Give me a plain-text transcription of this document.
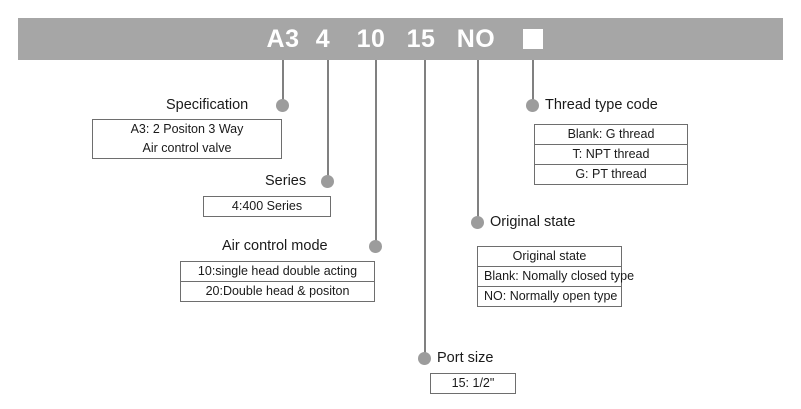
A3 4 10 15 NO
Specification
A3: 2 Positon 3 Way
Air control valve
Series
4:400 Series
Air control mode
10:single head double acting
20:Double head & positon
Port size
15: 1/2"
Original state
Original state
Blank: Nomally closed type
NO: Normally open type
Thread type code
Blank: G thread
T: NPT thread
G: PT thread
